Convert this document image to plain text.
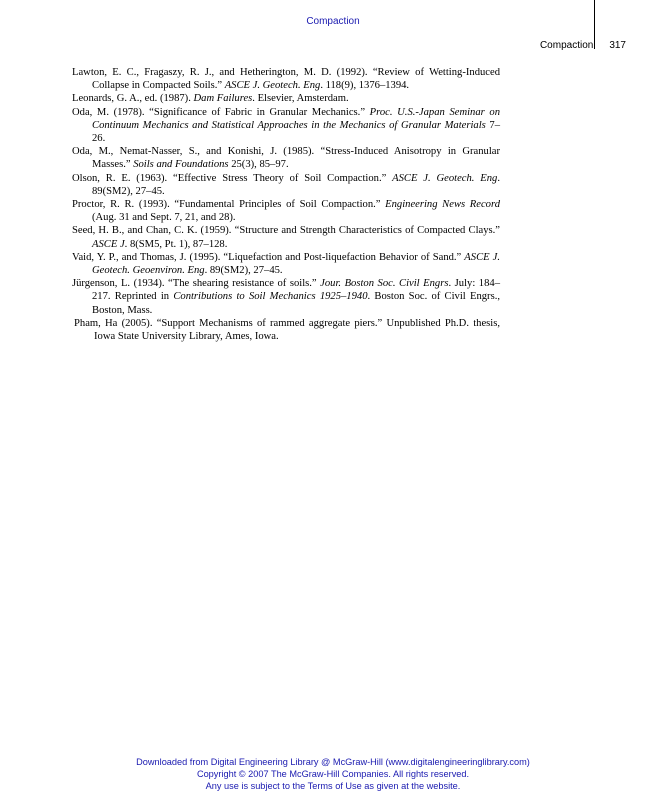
Compaction
Compaction 317
Lawton, E. C., Fragaszy, R. J., and Hetherington, M. D. (1992). “Review of Wetting-Induced Collapse in Compacted Soils.” ASCE J. Geotech. Eng. 118(9), 1376–1394.
Leonards, G. A., ed. (1987). Dam Failures. Elsevier, Amsterdam.
Oda, M. (1978). “Significance of Fabric in Granular Mechanics.” Proc. U.S.-Japan Seminar on Continuum Mechanics and Statistical Approaches in the Mechanics of Granular Materials 7–26.
Oda, M., Nemat-Nasser, S., and Konishi, J. (1985). “Stress-Induced Anisotropy in Granular Masses.” Soils and Foundations 25(3), 85–97.
Olson, R. E. (1963). “Effective Stress Theory of Soil Compaction.” ASCE J. Geotech. Eng. 89(SM2), 27–45.
Proctor, R. R. (1993). “Fundamental Principles of Soil Compaction.” Engineering News Record (Aug. 31 and Sept. 7, 21, and 28).
Seed, H. B., and Chan, C. K. (1959). “Structure and Strength Characteristics of Compacted Clays.” ASCE J. 8(SM5, Pt. 1), 87–128.
Vaid, Y. P., and Thomas, J. (1995). “Liquefaction and Post-liquefaction Behavior of Sand.” ASCE J. Geotech. Geoenviron. Eng. 89(SM2), 27–45.
Jürgenson, L. (1934). “The shearing resistance of soils.” Jour. Boston Soc. Civil Engrs. July: 184–217. Reprinted in Contributions to Soil Mechanics 1925–1940. Boston Soc. of Civil Engrs., Boston, Mass.
Pham, Ha (2005). “Support Mechanisms of rammed aggregate piers.” Unpublished Ph.D. thesis, Iowa State University Library, Ames, Iowa.
Downloaded from Digital Engineering Library @ McGraw-Hill (www.digitalengineeringlibrary.com)
Copyright © 2007 The McGraw-Hill Companies. All rights reserved.
Any use is subject to the Terms of Use as given at the website.
